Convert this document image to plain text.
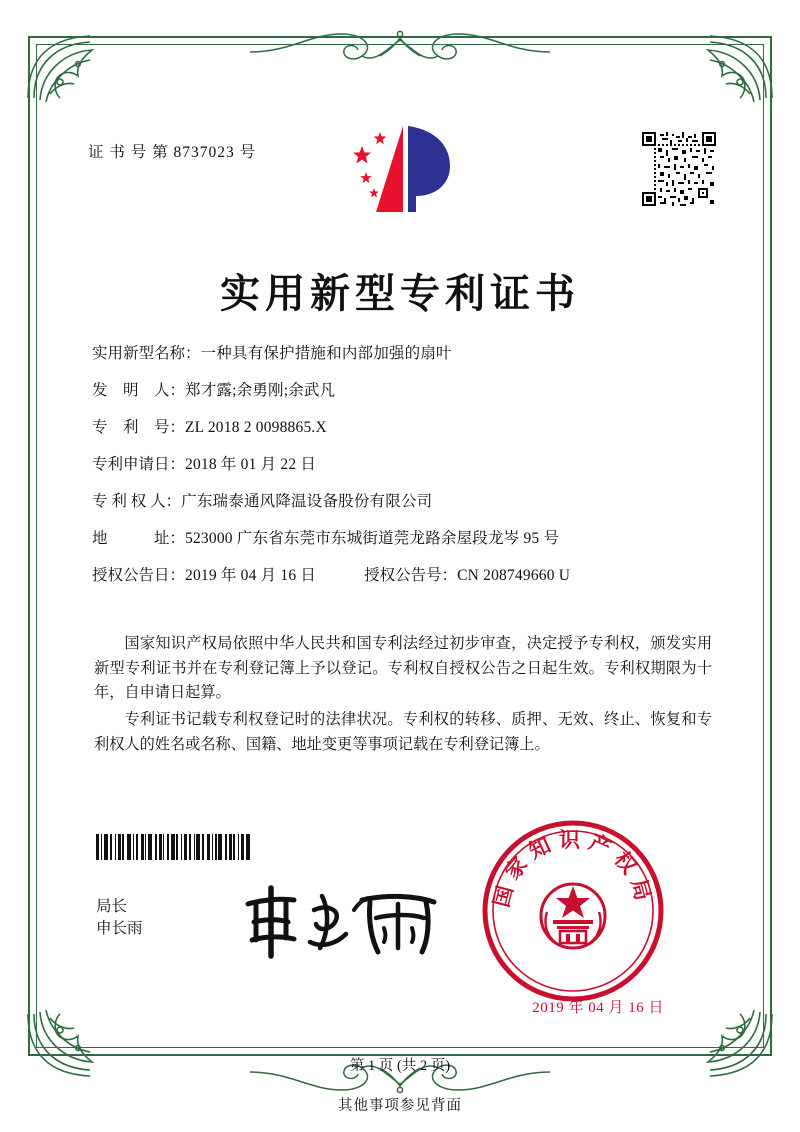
证 书 号 第 8737023 号
实用新型专利证书
实用新型名称： 一种具有保护措施和内部加强的扇叶
发　明　人： 郑才露;余勇刚;余武凡
专　利　号： ZL 2018 2 0098865.X
专利申请日： 2018 年 01 月 22 日
专 利 权 人： 广东瑞泰通风降温设备股份有限公司
地　　　址： 523000 广东省东莞市东城街道莞龙路余屋段龙岑 95 号
授权公告日： 2019 年 04 月 16 日	授权公告号： CN 208749660 U

国家知识产权局依照中华人民共和国专利法经过初步审查，决定授予专利权，颁发实用新型专利证书并在专利登记簿上予以登记。专利权自授权公告之日起生效。专利权期限为十年，自申请日起算。

专利证书记载专利权登记时的法律状况。专利权的转移、质押、无效、终止、恢复和专利权人的姓名或名称、国籍、地址变更等事项记载在专利登记簿上。

局长
申长雨
国家知识产权局
2019 年 04 月 16 日
第 1 页 (共 2 页)
其他事项参见背面
